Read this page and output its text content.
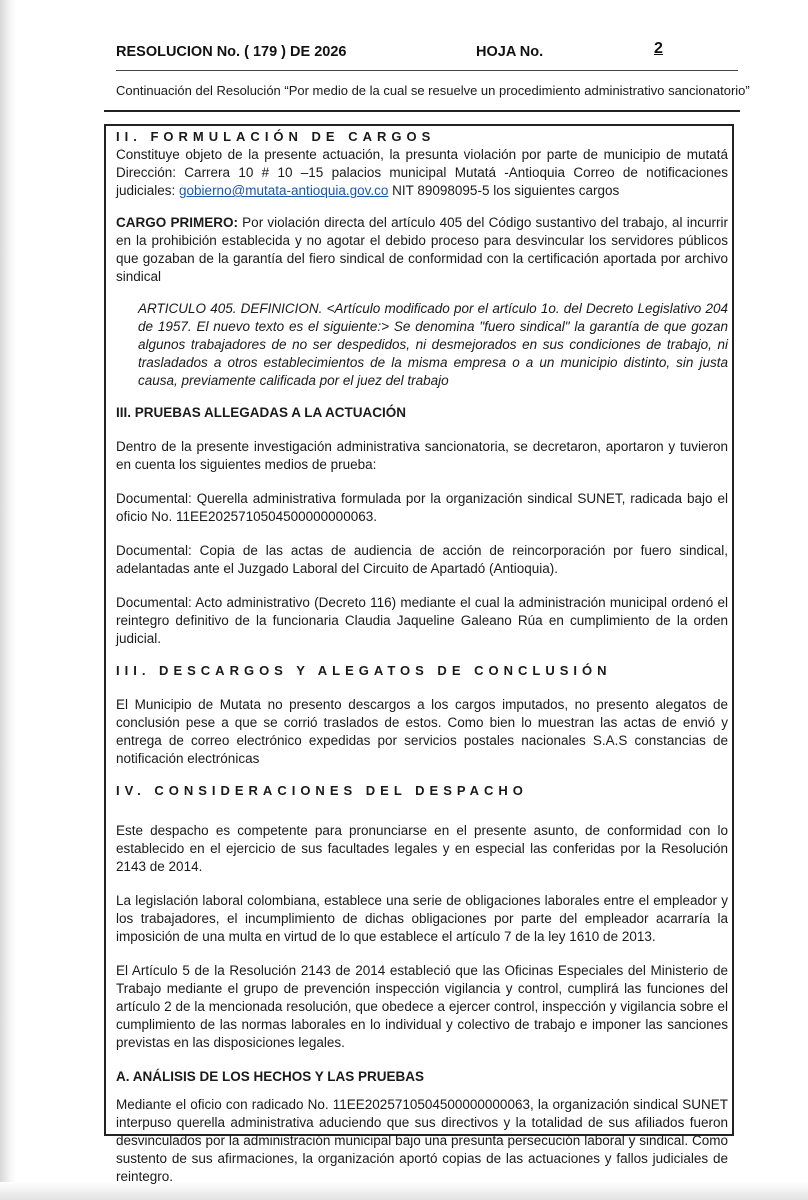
RESOLUCION No. ( 179 ) DE 2026	HOJA No.	2
Continuación del Resolución “Por medio de la cual se resuelve un procedimiento administrativo sancionatorio”

II. FORMULACIÓN DE CARGOS

Constituye objeto de la presente actuación, la presunta violación por parte de municipio de mutatá Dirección: Carrera 10 # 10 –15 palacios municipal Mutatá -Antioquia Correo de notificaciones judiciales: gobierno@mutata-antioquia.gov.co NIT 89098095-5 los siguientes cargos

CARGO PRIMERO: Por violación directa del artículo 405 del Código sustantivo del trabajo, al incurrir en la prohibición establecida y no agotar el debido proceso para desvincular los servidores públicos que gozaban de la garantía del fiero sindical de conformidad con la certificación aportada por archivo sindical

ARTICULO 405. DEFINICION. <Artículo modificado por el artículo 1o. del Decreto Legislativo 204 de 1957. El nuevo texto es el siguiente:> Se denomina "fuero sindical" la garantía de que gozan algunos trabajadores de no ser despedidos, ni desmejorados en sus condiciones de trabajo, ni trasladados a otros establecimientos de la misma empresa o a un municipio distinto, sin justa causa, previamente calificada por el juez del trabajo

III. PRUEBAS ALLEGADAS A LA ACTUACIÓN

Dentro de la presente investigación administrativa sancionatoria, se decretaron, aportaron y tuvieron en cuenta los siguientes medios de prueba:

Documental: Querella administrativa formulada por la organización sindical SUNET, radicada bajo el oficio No. 11EE2025710504500000000063.

Documental: Copia de las actas de audiencia de acción de reincorporación por fuero sindical, adelantadas ante el Juzgado Laboral del Circuito de Apartadó (Antioquia).

Documental: Acto administrativo (Decreto 116) mediante el cual la administración municipal ordenó el reintegro definitivo de la funcionaria Claudia Jaqueline Galeano Rúa en cumplimiento de la orden judicial.

III. DESCARGOS Y ALEGATOS DE CONCLUSIÓN

El Municipio de Mutata no presento descargos a los cargos imputados, no presento alegatos de conclusión pese a que se corrió traslados de estos. Como bien lo muestran las actas de envió y entrega de correo electrónico expedidas por servicios postales nacionales S.A.S constancias de notificación electrónicas

IV. CONSIDERACIONES DEL DESPACHO

Este despacho es competente para pronunciarse en el presente asunto, de conformidad con lo establecido en el ejercicio de sus facultades legales y en especial las conferidas por la Resolución 2143 de 2014.

La legislación laboral colombiana, establece una serie de obligaciones laborales entre el empleador y los trabajadores, el incumplimiento de dichas obligaciones por parte del empleador acarraría la imposición de una multa en virtud de lo que establece el artículo 7 de la ley 1610 de 2013.

El Artículo 5 de la Resolución 2143 de 2014 estableció que las Oficinas Especiales del Ministerio de Trabajo mediante el grupo de prevención inspección vigilancia y control, cumplirá las funciones del artículo 2 de la mencionada resolución, que obedece a ejercer control, inspección y vigilancia sobre el cumplimiento de las normas laborales en lo individual y colectivo de trabajo e imponer las sanciones previstas en las disposiciones legales.

A. ANÁLISIS DE LOS HECHOS Y LAS PRUEBAS

Mediante el oficio con radicado No. 11EE2025710504500000000063, la organización sindical SUNET interpuso querella administrativa aduciendo que sus directivos y la totalidad de sus afiliados fueron desvinculados por la administración municipal bajo una presunta persecución laboral y sindical. Como sustento de sus afirmaciones, la organización aportó copias de las actuaciones y fallos judiciales de reintegro.
